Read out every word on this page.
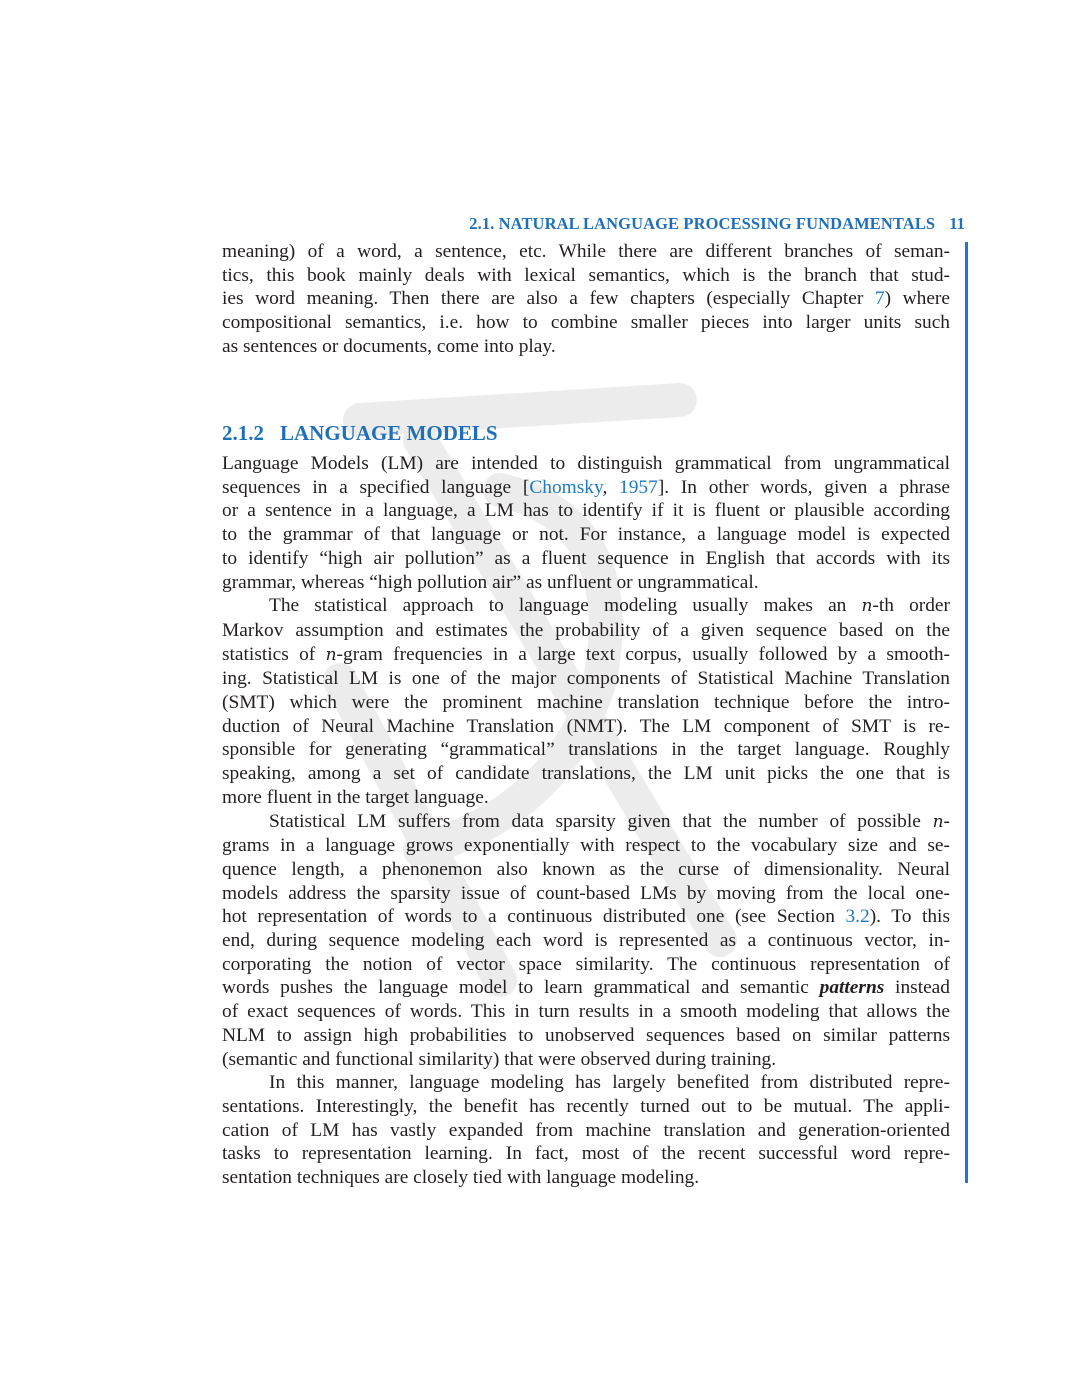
2.1. NATURAL LANGUAGE PROCESSING FUNDAMENTALS 11
meaning) of a word, a sentence, etc. While there are different branches of seman-
tics, this book mainly deals with lexical semantics, which is the branch that stud-
ies word meaning. Then there are also a few chapters (especially Chapter 7) where
compositional semantics, i.e. how to combine smaller pieces into larger units such
as sentences or documents, come into play.
2.1.2 LANGUAGE MODELS
Language Models (LM) are intended to distinguish grammatical from ungrammatical
sequences in a specified language [Chomsky, 1957]. In other words, given a phrase
or a sentence in a language, a LM has to identify if it is fluent or plausible according
to the grammar of that language or not. For instance, a language model is expected
to identify “high air pollution” as a fluent sequence in English that accords with its
grammar, whereas “high pollution air” as unfluent or ungrammatical.
The statistical approach to language modeling usually makes an n-th order
Markov assumption and estimates the probability of a given sequence based on the
statistics of n-gram frequencies in a large text corpus, usually followed by a smooth-
ing. Statistical LM is one of the major components of Statistical Machine Translation
(SMT) which were the prominent machine translation technique before the intro-
duction of Neural Machine Translation (NMT). The LM component of SMT is re-
sponsible for generating “grammatical” translations in the target language. Roughly
speaking, among a set of candidate translations, the LM unit picks the one that is
more fluent in the target language.
Statistical LM suffers from data sparsity given that the number of possible n-
grams in a language grows exponentially with respect to the vocabulary size and se-
quence length, a phenonemon also known as the curse of dimensionality. Neural
models address the sparsity issue of count-based LMs by moving from the local one-
hot representation of words to a continuous distributed one (see Section 3.2). To this
end, during sequence modeling each word is represented as a continuous vector, in-
corporating the notion of vector space similarity. The continuous representation of
words pushes the language model to learn grammatical and semantic patterns instead
of exact sequences of words. This in turn results in a smooth modeling that allows the
NLM to assign high probabilities to unobserved sequences based on similar patterns
(semantic and functional similarity) that were observed during training.
In this manner, language modeling has largely benefited from distributed repre-
sentations. Interestingly, the benefit has recently turned out to be mutual. The appli-
cation of LM has vastly expanded from machine translation and generation-oriented
tasks to representation learning. In fact, most of the recent successful word repre-
sentation techniques are closely tied with language modeling.
